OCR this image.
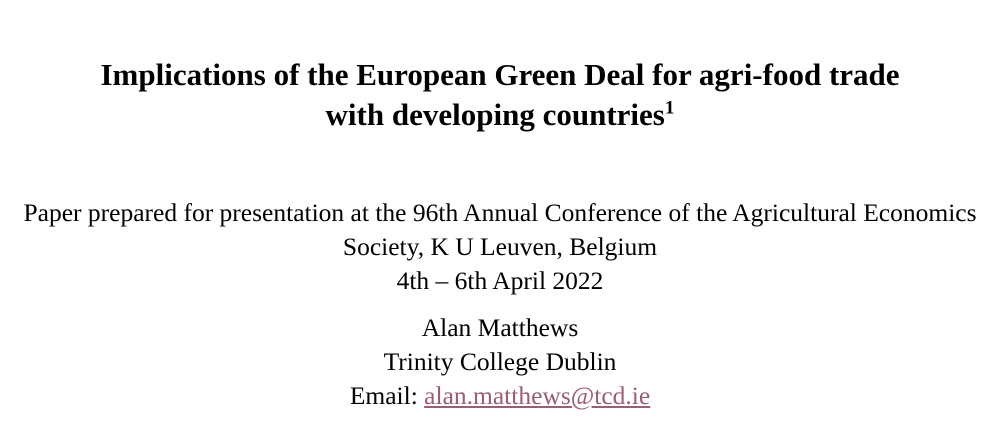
Implications of the European Green Deal for agri-food trade
with developing countries$^1$
Paper prepared for presentation at the 96th Annual Conference of the Agricultural Economics
Society, K U Leuven, Belgium
4th – 6th April 2022
Alan Matthews
Trinity College Dublin
Email: alan.matthews@tcd.ie
